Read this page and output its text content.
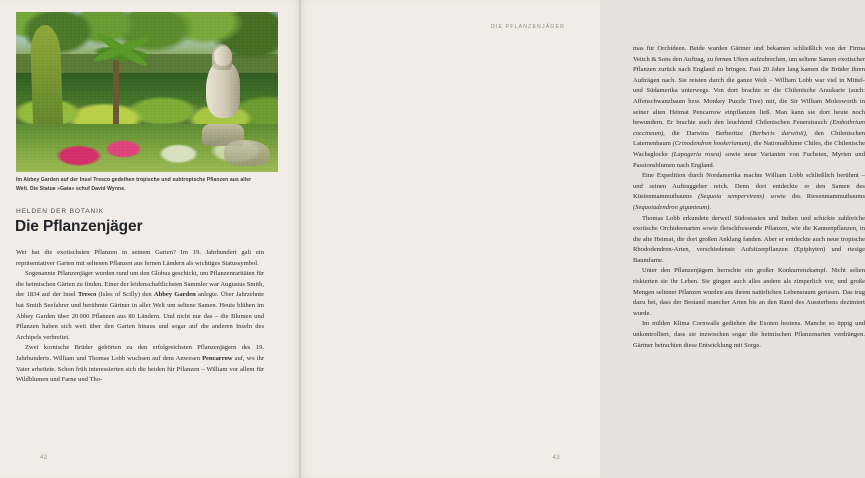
Im Abbey Garden auf der Insel Tresco gedeihen tropische und subtropische Pflanzen aus aller Welt. Die Statue »Gaia« schuf David Wynne.
HELDEN DER BOTANIK
Die Pflanzenjäger

Wer hat die exotischsten Pflanzen in seinem Garten? Im 19. Jahrhundert galt ein repräsentativer Garten mit seltenen Pflanzen aus fernen Ländern als wichtiges Statussymbol.

Sogenannte Pflanzenjäger wurden rund um den Globus geschickt, um Pflanzenraritäten für die heimischen Gärten zu finden. Einer der leidenschaftlichsten Sammler war Augustus Smith, der 1834 auf der Insel Tresco (Isles of Scilly) den Abbey Garden anlegte. Über Jahrzehnte bat Smith Seefahrer und berühmte Gärtner in aller Welt um seltene Samen. Heute blühen im Abbey Garden über 20 000 Pflanzen aus 80 Ländern. Und nicht nur das – die Blumen und Pflanzen haben sich weit über den Garten hinaus und sogar auf die anderen Inseln des Archipels verbreitet.

Zwei kornische Brüder gehörten zu den erfolgreichsten Pflanzenjägern des 19. Jahrhunderts. William und Thomas Lobb wuchsen auf dem Anwesen Pencarrow auf, wo ihr Vater arbeitete. Schon früh interessierten sich die beiden für Pflanzen – William vor allem für Wildblumen und Farne und Tho-

42
DIE PFLANZENJÄGER

mas für Orchideen. Beide wurden Gärtner und bekamen schließlich von der Firma Veitch & Sons den Auftrag, zu fernen Ufern aufzubrechen, um seltene Samen exotischer Pflanzen zurück nach England zu bringen. Fast 20 Jahre lang kamen die Brüder ihren Aufträgen nach. Sie reisten durch die ganze Welt – William Lobb war viel in Mittel- und Südamerika unterwegs. Von dort brachte er die Chilenische Araukarie (auch: Affenschwanzbaum bzw. Monkey Puzzle Tree) mit, die Sir William Molesworth in seiner alten Heimat Pencarrow einpflanzen ließ. Man kann sie dort heute noch bewundern. Er brachte auch den leuchtend Chilenischen Feuerstrauch (Embothrium coccineum), die Darwins Berberitze (Berberis darwinii), den Chilenischen Laternenbaum (Crinodendron hookerianum), die Nationalblume Chiles, die Chilenische Wachsglocke (Lapageria rosea) sowie neue Varianten von Fuchsien, Myrten und Passionsblumen nach England.

Eine Expedition durch Nordamerika machte William Lobb schließlich berühmt – und seinen Auftraggeber reich. Denn dort entdeckte er den Samen des Küstenmammutbaums (Sequoia sempervirens) sowie des Riesenmammutbaums (Sequoiadendron giganteum).

Thomas Lobb erkundete derweil Südostasien und Indien und schickte zahlreiche exotische Orchideenarten sowie fleischfressende Pflanzen, wie die Kannenpflanzen, in die alte Heimat, die dort großen Anklang fanden. Aber er entdeckte auch neue tropische Rhododendren-Arten, verschiedenste Aufsitzerpflanzen (Epiphyten) und riesige Baumfarne.

Unter den Pflanzenjägern herrschte ein großer Konkurrenzkampf. Nicht selten riskierten sie ihr Leben. Sie gingen auch alles andere als zimperlich vor, und große Mengen seltener Pflanzen wurden aus ihrem natürlichen Lebensraum gerissen. Das trug dazu bei, dass der Bestand mancher Arten bis an den Rand des Aussterbens dezimiert wurde.

Im milden Klima Cornwalls gediehen die Exoten bestens. Manche so üppig und unkontrolliert, dass sie inzwischen sogar die heimischen Pflanzenarten verdrängen. Gärtner betrachten diese Entwicklung mit Sorge.

43
